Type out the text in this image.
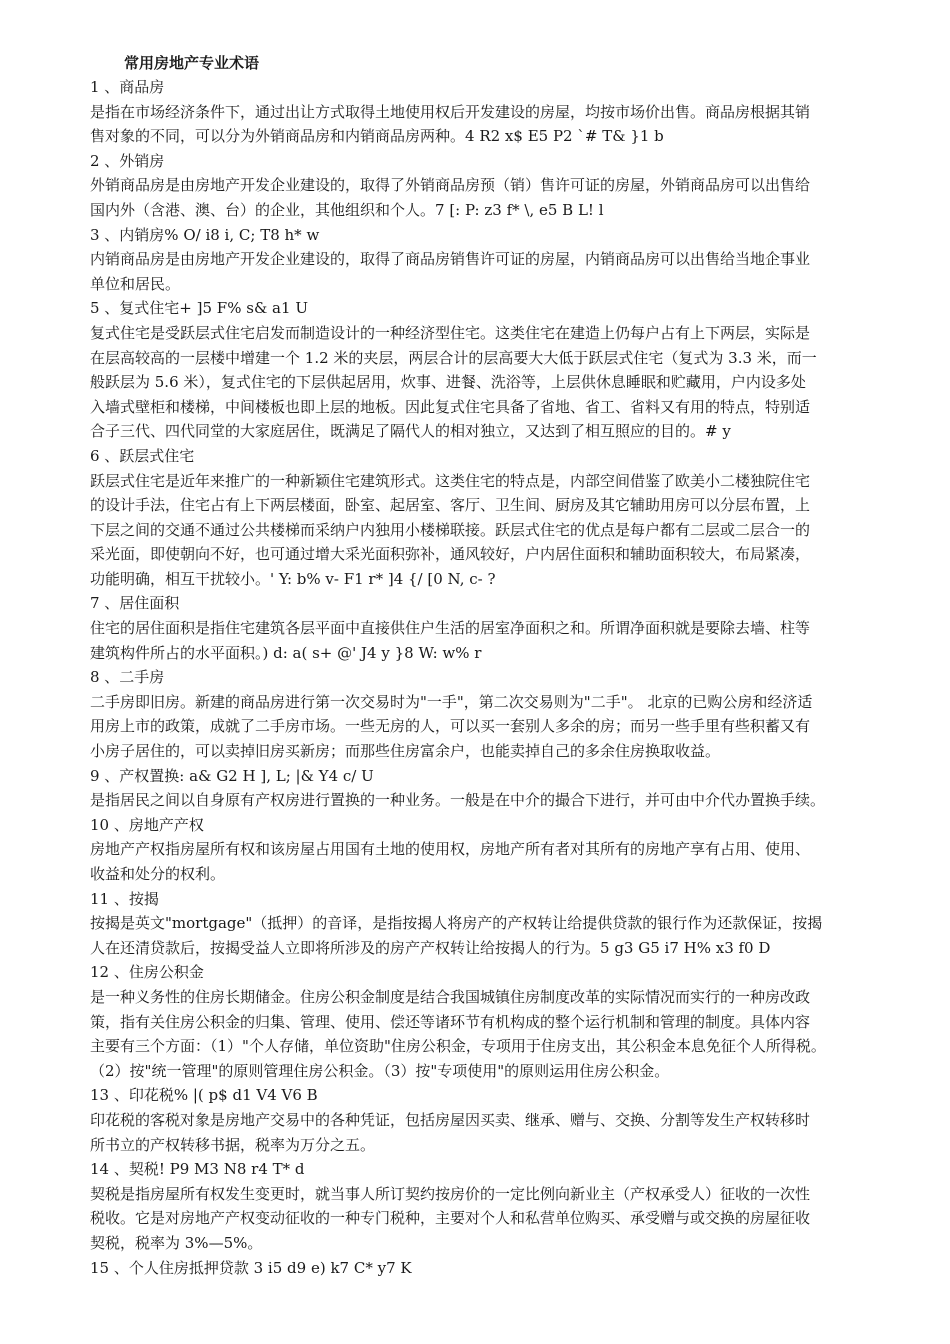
常用房地产专业术语
1 、商品房
是指在市场经济条件下，通过出让方式取得土地使用权后开发建设的房屋，均按市场价出售。商品房根据其销
售对象的不同，可以分为外销商品房和内销商品房两种。4 R2 x$ E5 P2 `# T& }1 b
2 、外销房
外销商品房是由房地产开发企业建设的，取得了外销商品房预（销）售许可证的房屋，外销商品房可以出售给
国内外（含港、澳、台）的企业，其他组织和个人。7 [: P: z3 f* \, e5 B L! l
3 、内销房% O/ i8 i, C; T8 h* w
内销商品房是由房地产开发企业建设的，取得了商品房销售许可证的房屋，内销商品房可以出售给当地企事业
单位和居民。
5 、复式住宅+ ]5 F% s& a1 U
复式住宅是受跃层式住宅启发而制造设计的一种经济型住宅。这类住宅在建造上仍每户占有上下两层，实际是
在层高较高的一层楼中增建一个 1.2 米的夹层，两层合计的层高要大大低于跃层式住宅（复式为 3.3 米，而一
般跃层为 5.6 米），复式住宅的下层供起居用，炊事、进餐、洗浴等，上层供休息睡眠和贮藏用，户内设多处
入墙式壁柜和楼梯，中间楼板也即上层的地板。因此复式住宅具备了省地、省工、省料又有用的特点，特别适
合子三代、四代同堂的大家庭居住，既满足了隔代人的相对独立，又达到了相互照应的目的。# y
6 、跃层式住宅
跃层式住宅是近年来推广的一种新颖住宅建筑形式。这类住宅的特点是，内部空间借鉴了欧美小二楼独院住宅
的设计手法，住宅占有上下两层楼面，卧室、起居室、客厅、卫生间、厨房及其它辅助用房可以分层布置，上
下层之间的交通不通过公共楼梯而采纳户内独用小楼梯联接。跃层式住宅的优点是每户都有二层或二层合一的
采光面，即使朝向不好，也可通过增大采光面积弥补，通风较好，户内居住面积和辅助面积较大，布局紧凑，
功能明确，相互干扰较小。' Y: b% v- F1 r* ]4 {/ [0 N, c- ?
7 、居住面积
住宅的居住面积是指住宅建筑各层平面中直接供住户生活的居室净面积之和。所谓净面积就是要除去墙、柱等
建筑构件所占的水平面积。) d: a( s+ @' J4 y }8 W: w% r
8 、二手房
二手房即旧房。新建的商品房进行第一次交易时为"一手"，第二次交易则为"二手"。 北京的已购公房和经济适
用房上市的政策，成就了二手房市场。一些无房的人，可以买一套别人多余的房；而另一些手里有些积蓄又有
小房子居住的，可以卖掉旧房买新房；而那些住房富余户，也能卖掉自己的多余住房换取收益。
9 、产权置换: a& G2 H ], L; |& Y4 c/ U
是指居民之间以自身原有产权房进行置换的一种业务。一般是在中介的撮合下进行，并可由中介代办置换手续。
10 、房地产产权
房地产产权指房屋所有权和该房屋占用国有土地的使用权，房地产所有者对其所有的房地产享有占用、使用、
收益和处分的权利。
11 、按揭
按揭是英文"mortgage"（抵押）的音译，是指按揭人将房产的产权转让给提供贷款的银行作为还款保证，按揭
人在还清贷款后，按揭受益人立即将所涉及的房产产权转让给按揭人的行为。5 g3 G5 i7 H% x3 f0 D
12 、住房公积金
是一种义务性的住房长期储金。住房公积金制度是结合我国城镇住房制度改革的实际情况而实行的一种房改政
策，指有关住房公积金的归集、管理、使用、偿还等诸环节有机构成的整个运行机制和管理的制度。具体内容
主要有三个方面：（1）"个人存储，单位资助"住房公积金，专项用于住房支出，其公积金本息免征个人所得税。
（2）按"统一管理"的原则管理住房公积金。（3）按"专项使用"的原则运用住房公积金。
13 、印花税% |( p$ d1 V4 V6 B
印花税的客税对象是房地产交易中的各种凭证，包括房屋因买卖、继承、赠与、交换、分割等发生产权转移时
所书立的产权转移书据，税率为万分之五。
14 、契税! P9 M3 N8 r4 T* d
契税是指房屋所有权发生变更时，就当事人所订契约按房价的一定比例向新业主（产权承受人）征收的一次性
税收。它是对房地产产权变动征收的一种专门税种，主要对个人和私营单位购买、承受赠与或交换的房屋征收
契税，税率为 3%—5%。
15 、个人住房抵押贷款 3 i5 d9 e) k7 C* y7 K
